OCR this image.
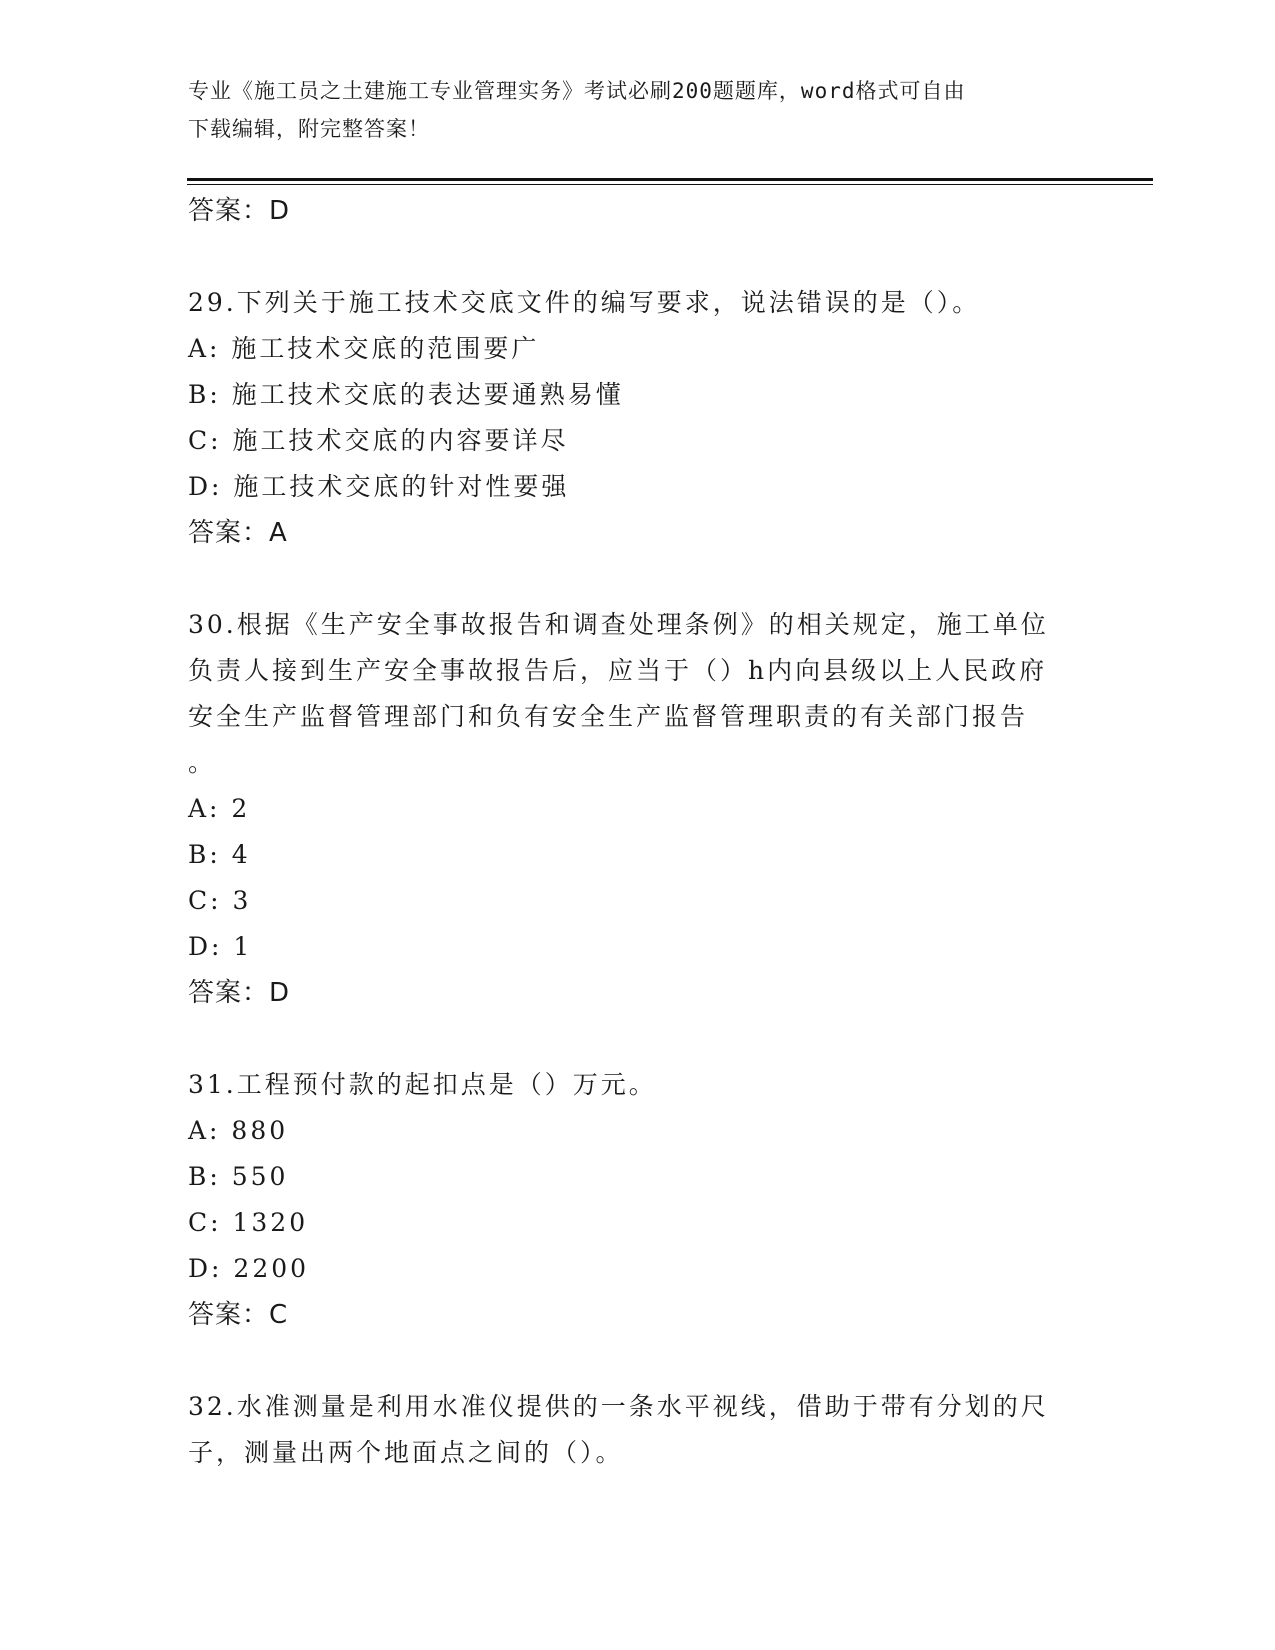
专业《施工员之土建施工专业管理实务》考试必刷200题题库，word格式可自由
下载编辑，附完整答案！
答案：D
29.下列关于施工技术交底文件的编写要求，说法错误的是（）。
A: 施工技术交底的范围要广
B: 施工技术交底的表达要通熟易懂
C: 施工技术交底的内容要详尽
D: 施工技术交底的针对性要强
答案：A
30.根据《生产安全事故报告和调查处理条例》的相关规定，施工单位
负责人接到生产安全事故报告后，应当于（）h内向县级以上人民政府
安全生产监督管理部门和负有安全生产监督管理职责的有关部门报告
。
A: 2
B: 4
C: 3
D: 1
答案：D
31.工程预付款的起扣点是（）万元。
A: 880
B: 550
C: 1320
D: 2200
答案：C
32.水准测量是利用水准仪提供的一条水平视线，借助于带有分划的尺
子，测量出两个地面点之间的（）。
